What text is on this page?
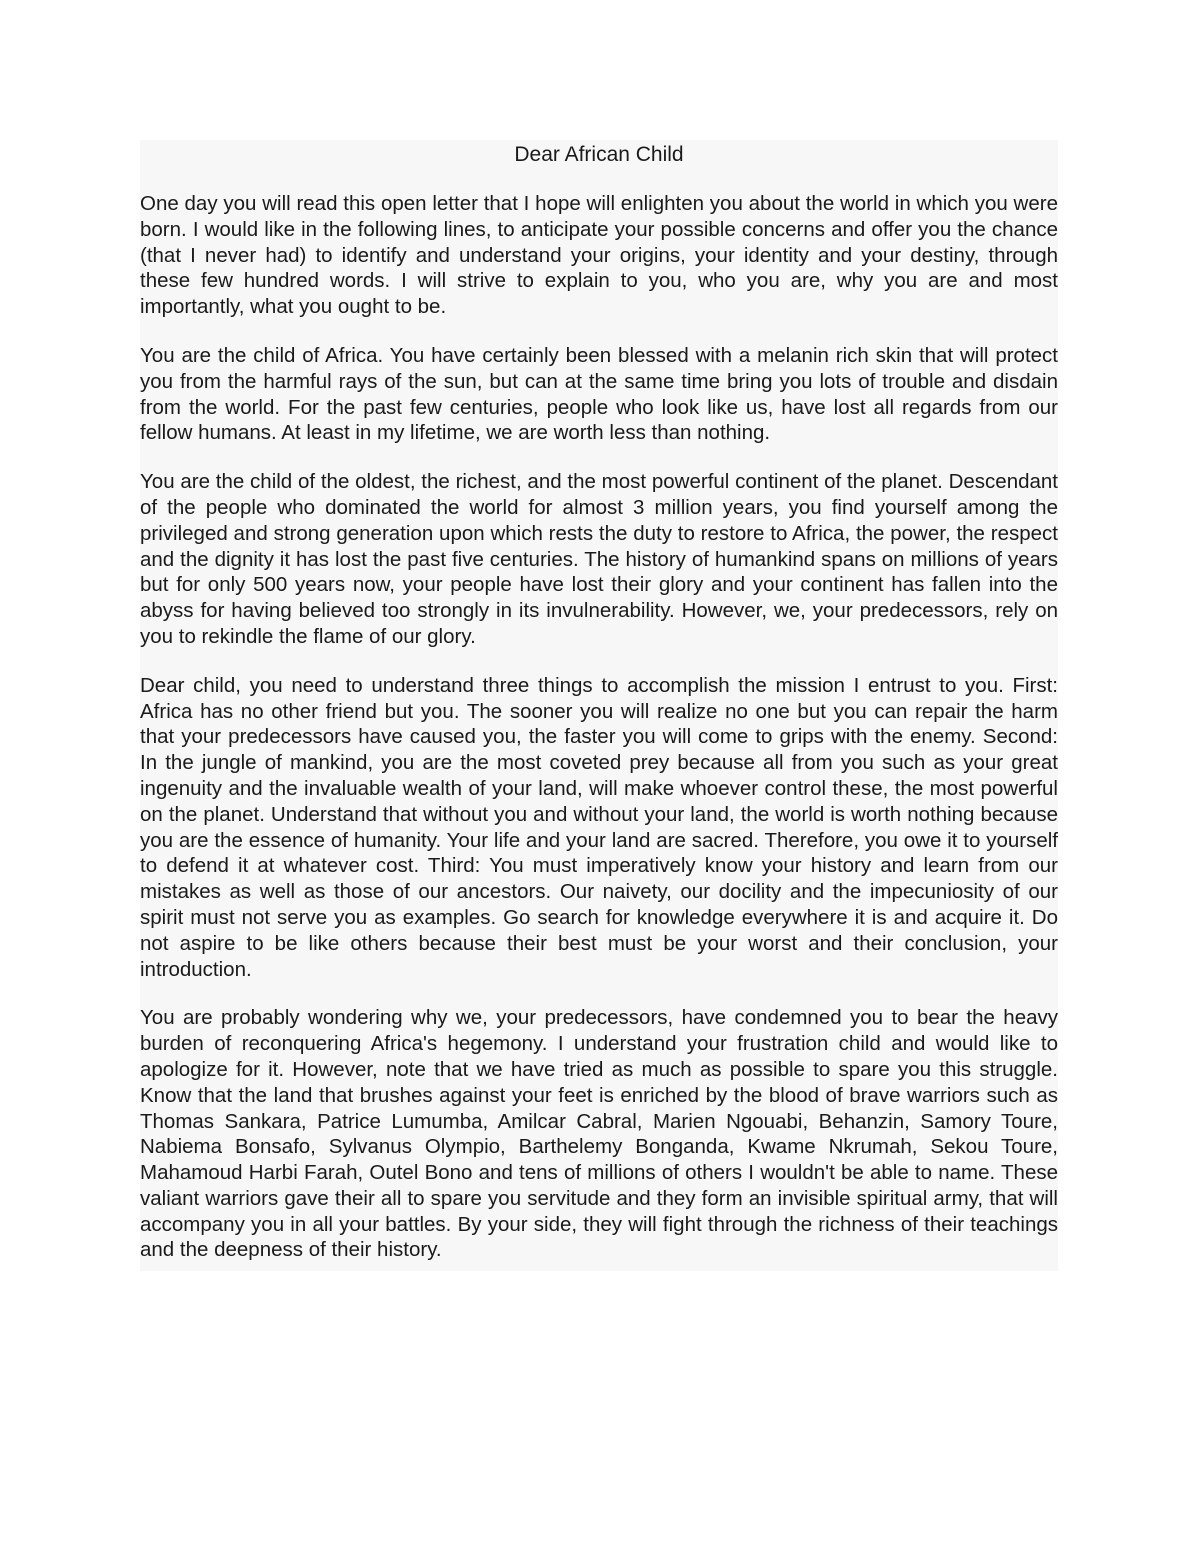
Dear African Child

One day you will read this open letter that I hope will enlighten you about the world in which you were born. I would like in the following lines, to anticipate your possible concerns and offer you the chance (that I never had) to identify and understand your origins, your identity and your destiny, through these few hundred words. I will strive to explain to you, who you are, why you are and most importantly, what you ought to be.

You are the child of Africa. You have certainly been blessed with a melanin rich skin that will protect you from the harmful rays of the sun, but can at the same time bring you lots of trouble and disdain from the world. For the past few centuries, people who look like us, have lost all regards from our fellow humans. At least in my lifetime, we are worth less than nothing.

You are the child of the oldest, the richest, and the most powerful continent of the planet. Descendant of the people who dominated the world for almost 3 million years, you find yourself among the privileged and strong generation upon which rests the duty to restore to Africa, the power, the respect and the dignity it has lost the past five centuries. The history of humankind spans on millions of years but for only 500 years now, your people have lost their glory and your continent has fallen into the abyss for having believed too strongly in its invulnerability. However, we, your predecessors, rely on you to rekindle the flame of our glory.

Dear child, you need to understand three things to accomplish the mission I entrust to you. First: Africa has no other friend but you. The sooner you will realize no one but you can repair the harm that your predecessors have caused you, the faster you will come to grips with the enemy. Second: In the jungle of mankind, you are the most coveted prey because all from you such as your great ingenuity and the invaluable wealth of your land, will make whoever control these, the most powerful on the planet. Understand that without you and without your land, the world is worth nothing because you are the essence of humanity. Your life and your land are sacred. Therefore, you owe it to yourself to defend it at whatever cost. Third: You must imperatively know your history and learn from our mistakes as well as those of our ancestors. Our naivety, our docility and the impecuniosity of our spirit must not serve you as examples. Go search for knowledge everywhere it is and acquire it. Do not aspire to be like others because their best must be your worst and their conclusion, your introduction.

You are probably wondering why we, your predecessors, have condemned you to bear the heavy burden of reconquering Africa's hegemony. I understand your frustration child and would like to apologize for it. However, note that we have tried as much as possible to spare you this struggle. Know that the land that brushes against your feet is enriched by the blood of brave warriors such as Thomas Sankara, Patrice Lumumba, Amilcar Cabral, Marien Ngouabi, Behanzin, Samory Toure, Nabiema Bonsafo, Sylvanus Olympio, Barthelemy Bonganda, Kwame Nkrumah, Sekou Toure, Mahamoud Harbi Farah, Outel Bono and tens of millions of others I wouldn't be able to name. These valiant warriors gave their all to spare you servitude and they form an invisible spiritual army, that will accompany you in all your battles. By your side, they will fight through the richness of their teachings and the deepness of their history.
